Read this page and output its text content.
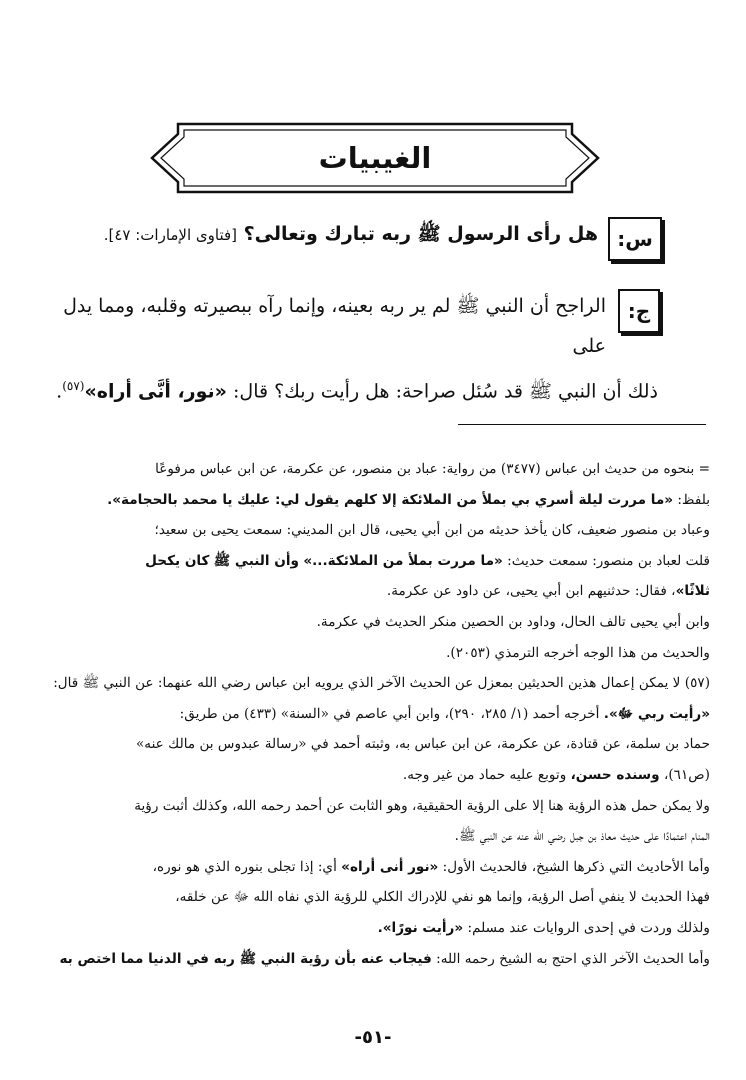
الغيبيات
س:
هل رأى الرسول ﷺ ربه تبارك وتعالى؟ [فتاوى الإمارات: ٤٧].
ج:
الراجح أن النبي ﷺ لم ير ربه بعينه، وإنما رآه ببصيرته وقلبه، ومما يدل على
ذلك أن النبي ﷺ قد سُئل صراحة: هل رأيت ربك؟ قال: «نور، أنَّى أراه»$^{(٥٧)}$.

= بنحوه من حديث ابن عباس (٣٤٧٧) من رواية: عباد بن منصور، عن عكرمة، عن ابن عباس مرفوعًا

بلفظ: «ما مررت ليلة أسري بي بملأ من الملائكة إلا كلهم يقول لي: عليك يا محمد بالحجامة».

وعباد بن منصور ضعيف، كان يأخذ حديثه من ابن أبي يحيى، قال ابن المديني: سمعت يحيى بن سعيد؛

قلت لعباد بن منصور: سمعت حديث: «ما مررت بملأ من الملائكة...» وأن النبي ﷺ كان يكحل

ثلاثًا»، فقال: حدثنيهم ابن أبي يحيى، عن داود عن عكرمة.

وابن أبي يحيى تالف الحال، وداود بن الحصين منكر الحديث في عكرمة.

والحديث من هذا الوجه أخرجه الترمذي (٢٠٥٣).

(٥٧) لا يمكن إعمال هذين الحديثين بمعزل عن الحديث الآخر الذي يرويه ابن عباس رضي الله عنهما: عن النبي ﷺ قال:

«رأيت ربي ﷻ». أخرجه أحمد (١/ ٢٨٥، ٢٩٠)، وابن أبي عاصم في «السنة» (٤٣٣) من طريق:

حماد بن سلمة، عن قتادة، عن عكرمة، عن ابن عباس به، وثبته أحمد في «رسالة عبدوس بن مالك عنه»

(ص٦١)، وسنده حسن، وتوبع عليه حماد من غير وجه.

ولا يمكن حمل هذه الرؤية هنا إلا على الرؤية الحقيقية، وهو الثابت عن أحمد رحمه الله، وكذلك أثبت رؤية

المنام اعتمادًا على حديث معاذ بن جبل رضي الله عنه عن النبي ﷺ.

وأما الأحاديث التي ذكرها الشيخ، فالحديث الأول: «نور أنى أراه» أي: إذا تجلى بنوره الذي هو نوره،

فهذا الحديث لا ينفي أصل الرؤية، وإنما هو نفي للإدراك الكلي للرؤية الذي نفاه الله ﷻ عن خلقه،

ولذلك وردت في إحدى الروايات عند مسلم: «رأيت نورًا».

وأما الحديث الآخر الذي احتج به الشيخ رحمه الله: فيجاب عنه بأن رؤية النبي ﷺ ربه في الدنيا مما اختص به

-٥١-
